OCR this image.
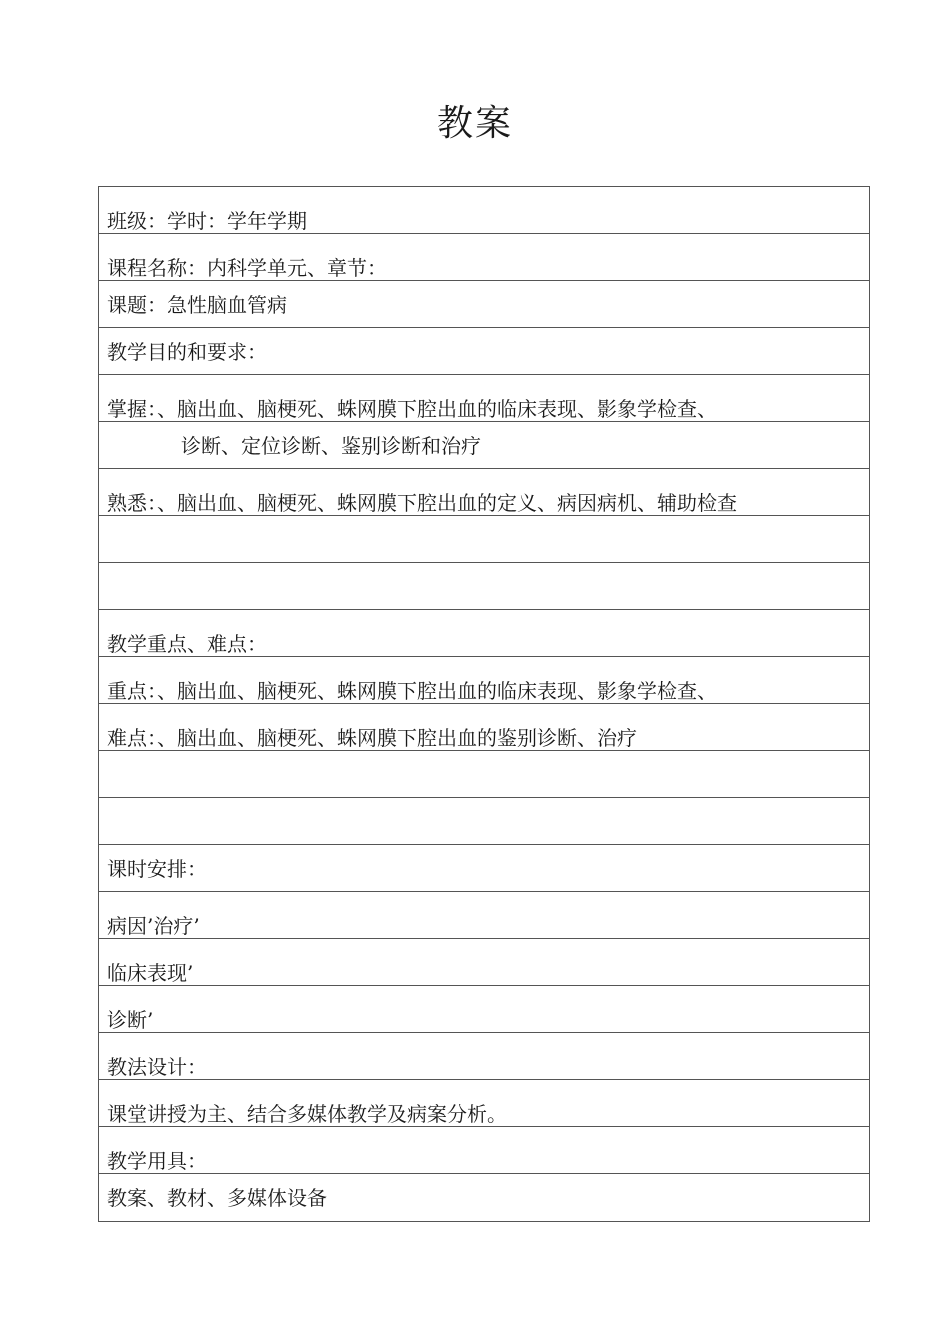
教案
班级：学时：学年学期
课程名称：内科学单元、章节：
课题：急性脑血管病
教学目的和要求：
掌握：、脑出血、脑梗死、蛛网膜下腔出血的临床表现、影象学检查、
诊断、定位诊断、鉴别诊断和治疗
熟悉：、脑出血、脑梗死、蛛网膜下腔出血的定义、病因病机、辅助检查
教学重点、难点：
重点：、脑出血、脑梗死、蛛网膜下腔出血的临床表现、影象学检查、
难点：、脑出血、脑梗死、蛛网膜下腔出血的鉴别诊断、治疗
课时安排：
病因’治疗’
临床表现’
诊断’
教法设计：
课堂讲授为主、结合多媒体教学及病案分析。
教学用具：
教案、教材、多媒体设备
